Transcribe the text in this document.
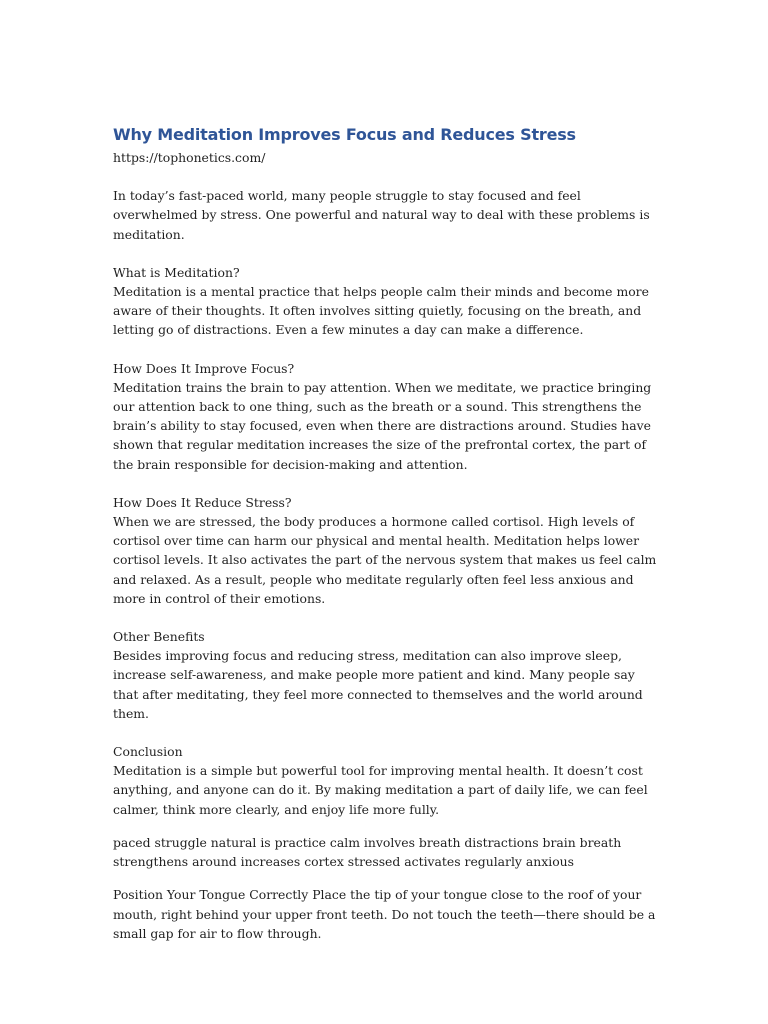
Why Meditation Improves Focus and Reduces Stress

https://tophonetics.com/

In today’s fast-paced world, many people struggle to stay focused and feel overwhelmed by stress. One powerful and natural way to deal with these problems is meditation.

What is Meditation?

Meditation is a mental practice that helps people calm their minds and become more aware of their thoughts. It often involves sitting quietly, focusing on the breath, and letting go of distractions. Even a few minutes a day can make a difference.

How Does It Improve Focus?

Meditation trains the brain to pay attention. When we meditate, we practice bringing our attention back to one thing, such as the breath or a sound. This strengthens the brain’s ability to stay focused, even when there are distractions around. Studies have shown that regular meditation increases the size of the prefrontal cortex, the part of the brain responsible for decision-making and attention.

How Does It Reduce Stress?

When we are stressed, the body produces a hormone called cortisol. High levels of cortisol over time can harm our physical and mental health. Meditation helps lower cortisol levels. It also activates the part of the nervous system that makes us feel calm and relaxed. As a result, people who meditate regularly often feel less anxious and more in control of their emotions.

Other Benefits

Besides improving focus and reducing stress, meditation can also improve sleep, increase self-awareness, and make people more patient and kind. Many people say that after meditating, they feel more connected to themselves and the world around them.

Conclusion

Meditation is a simple but powerful tool for improving mental health. It doesn’t cost anything, and anyone can do it. By making meditation a part of daily life, we can feel calmer, think more clearly, and enjoy life more fully.

paced struggle natural is practice calm involves breath distractions brain breath strengthens around increases cortex stressed activates regularly anxious

Position Your Tongue Correctly Place the tip of your tongue close to the roof of your mouth, right behind your upper front teeth. Do not touch the teeth—there should be a small gap for air to flow through.
